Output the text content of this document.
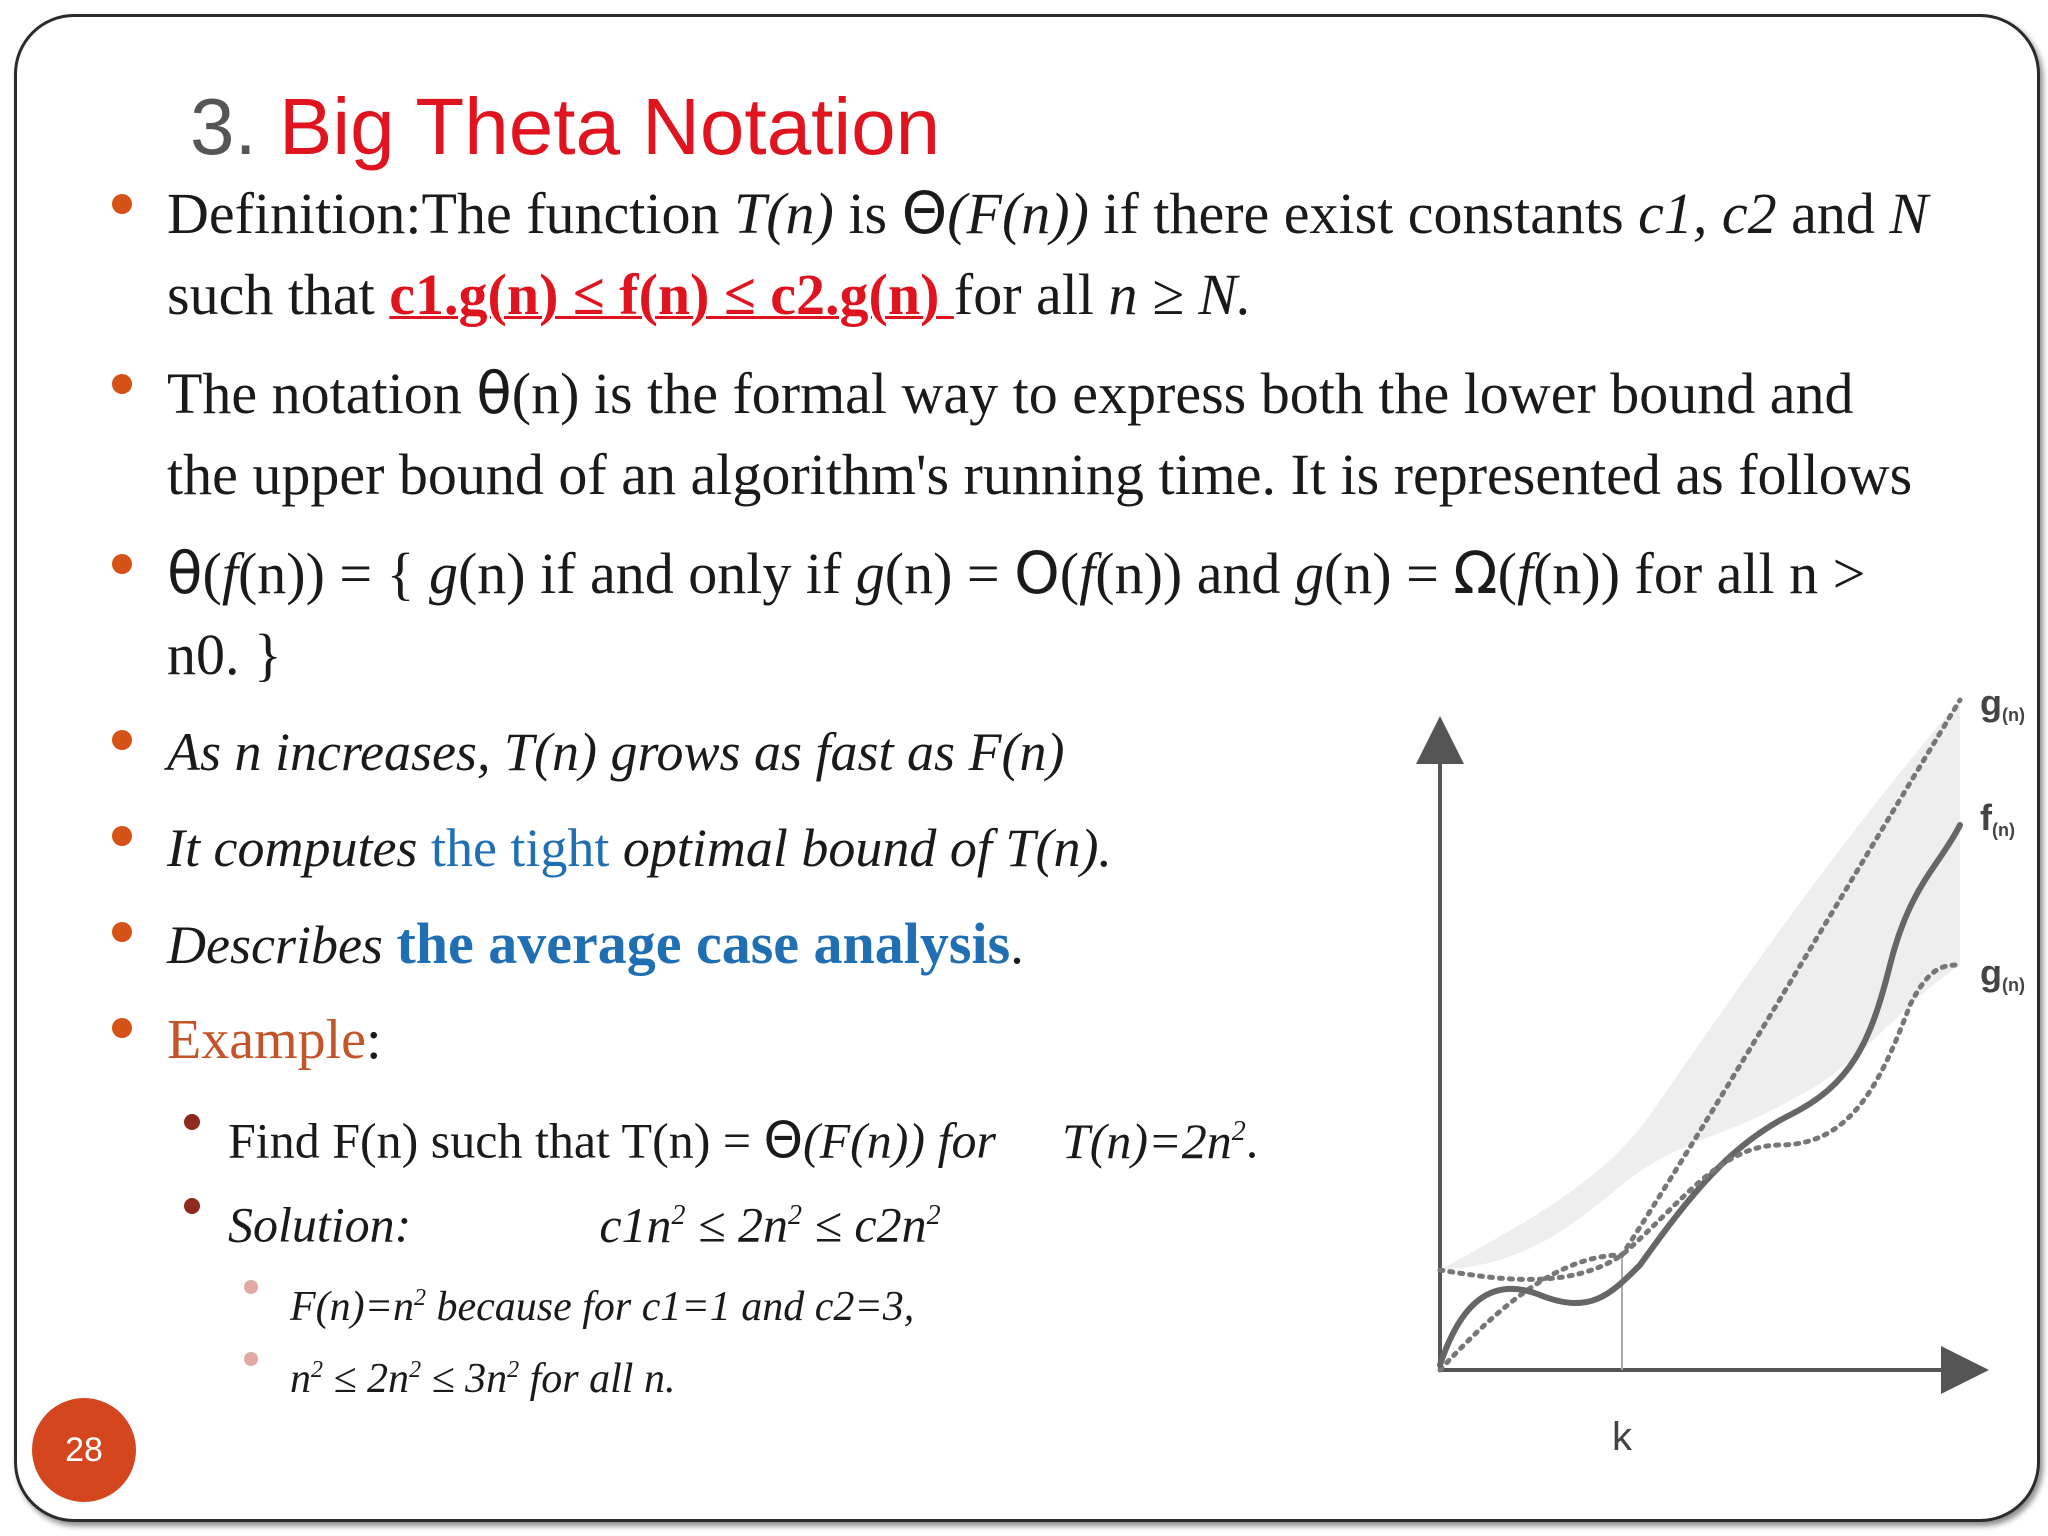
3. Big Theta Notation
Definition:The function T(n) is Θ(F(n)) if there exist constants c1, c2 and N
such that c1.g(n) ≤ f(n) ≤ c2.g(n) for all n ≥ N.
The notation θ(n) is the formal way to express both the lower bound and
the upper bound of an algorithm's running time. It is represented as follows
θ(f(n)) = { g(n) if and only if g(n) = O(f(n)) and g(n) = Ω(f(n)) for all n >
n0. }
As n increases, T(n) grows as fast as F(n)
It computes the tight optimal bound of T(n).
Describes the average case analysis.
Example:
Find F(n) such that T(n) = Θ(F(n)) for $T(n)=2n^2$.
Solution:	$c1n^2 \le 2n^2 \le c2n^2$
$F(n)=n^2$ because for c1=1 and c2=3,
$n^2 \le 2n^2 \le 3n^2$ for all n.
g(n)
f(n)
g(n)
k
28
